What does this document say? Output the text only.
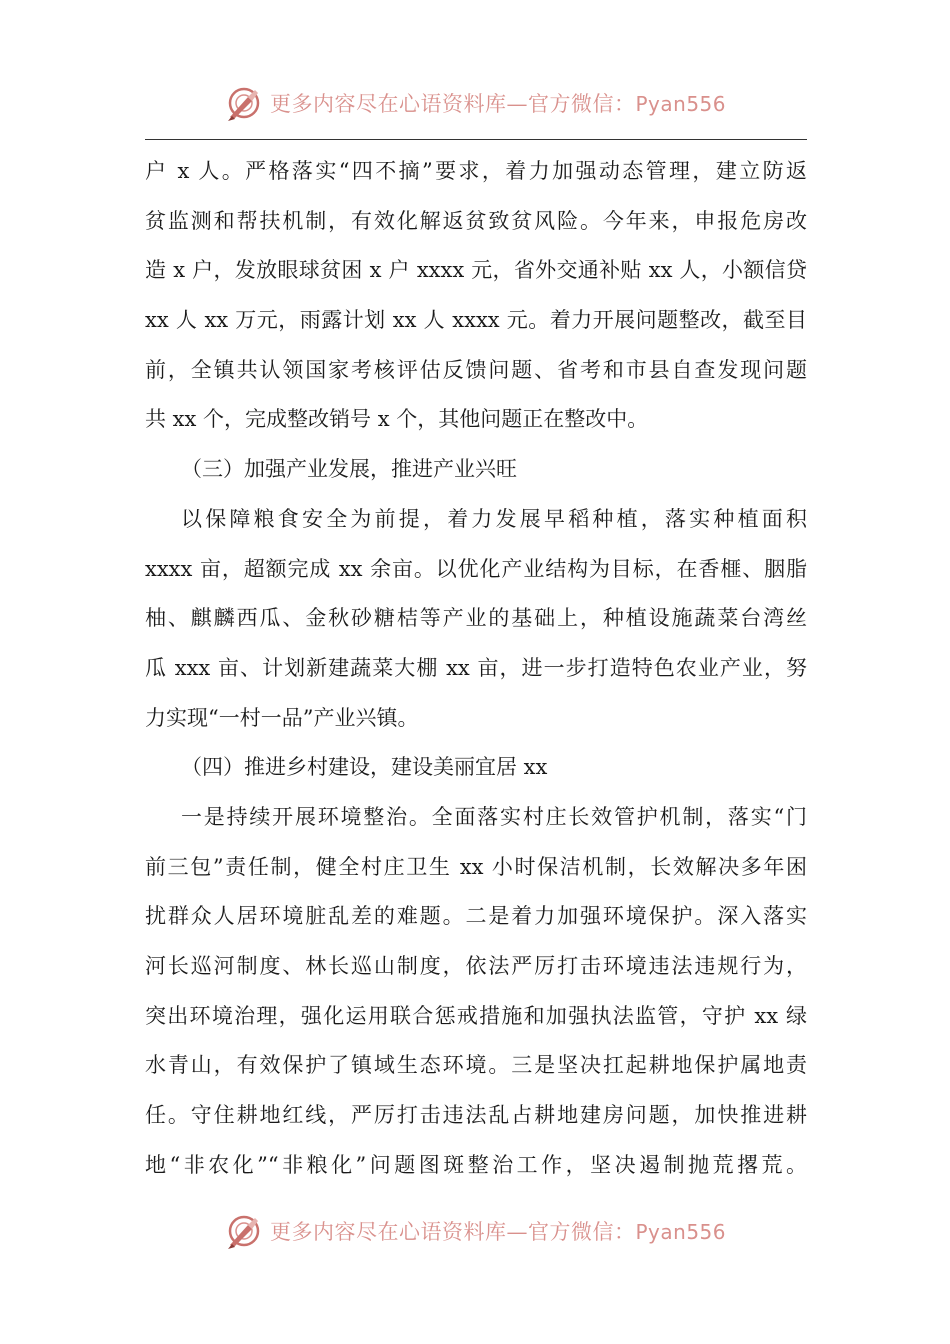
更多内容尽在心语资料库—官方微信：Pyan556
户 x 人。严格落实“四不摘”要求，着力加强动态管理，建立防返
贫监测和帮扶机制，有效化解返贫致贫风险。今年来，申报危房改
造 x 户，发放眼球贫困 x 户 xxxx 元，省外交通补贴 xx 人，小额信贷
xx 人 xx 万元，雨露计划 xx 人 xxxx 元。着力开展问题整改，截至目
前，全镇共认领国家考核评估反馈问题、省考和市县自查发现问题
共 xx 个，完成整改销号 x 个，其他问题正在整改中。
（三）加强产业发展，推进产业兴旺
以保障粮食安全为前提，着力发展早稻种植，落实种植面积
xxxx 亩，超额完成 xx 余亩。以优化产业结构为目标，在香榧、胭脂
柚、麒麟西瓜、金秋砂糖桔等产业的基础上，种植设施蔬菜台湾丝
瓜 xxx 亩、计划新建蔬菜大棚 xx 亩，进一步打造特色农业产业，努
力实现“一村一品”产业兴镇。
（四）推进乡村建设，建设美丽宜居 xx
一是持续开展环境整治。全面落实村庄长效管护机制，落实“门
前三包”责任制，健全村庄卫生 xx 小时保洁机制，长效解决多年困
扰群众人居环境脏乱差的难题。二是着力加强环境保护。深入落实
河长巡河制度、林长巡山制度，依法严厉打击环境违法违规行为，
突出环境治理，强化运用联合惩戒措施和加强执法监管，守护 xx 绿
水青山，有效保护了镇域生态环境。三是坚决扛起耕地保护属地责
任。守住耕地红线，严厉打击违法乱占耕地建房问题，加快推进耕
地“非农化”“非粮化”问题图斑整治工作，坚决遏制抛荒撂荒。
更多内容尽在心语资料库—官方微信：Pyan556
